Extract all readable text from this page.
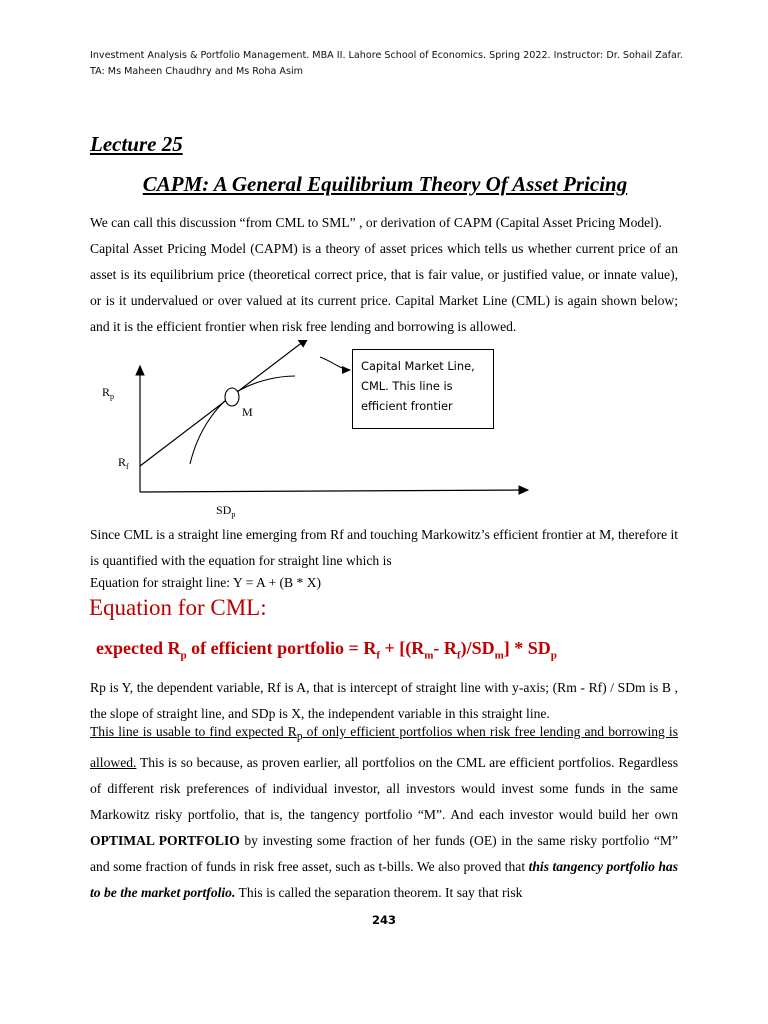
Investment Analysis & Portfolio Management. MBA II. Lahore School of Economics. Spring 2022. Instructor: Dr. Sohail Zafar.
TA: Ms Maheen Chaudhry and Ms Roha Asim
Lecture 25
CAPM: A General Equilibrium Theory Of Asset Pricing
We can call this discussion “from CML to SML” , or derivation of CAPM (Capital Asset Pricing Model).
Capital Asset Pricing Model (CAPM) is a theory of asset prices which tells us whether current price of an asset is its equilibrium price (theoretical correct price, that is fair value, or justified value, or innate value), or is it undervalued or over valued at its current price. Capital Market Line (CML) is again shown below; and it is the efficient frontier when risk free lending and borrowing is allowed.
$R_p$
$R_f$
M
$SD_p$
Capital Market Line, CML. This line is efficient frontier
Since CML is a straight line emerging from Rf and touching Markowitz’s efficient frontier at M, therefore it is quantified with the equation for straight line which is
Equation for straight line: Y = A + (B * X)
Equation for CML:
expected $R_p$ of efficient portfolio = $R_f + [(R_m-$ $R_f)/SD_m] * SD_p$
Rp is Y, the dependent variable, Rf is A, that is intercept of straight line with y-axis; (Rm - Rf) / SDm is B , the slope of straight line, and SDp is X, the independent variable in this straight line.
This line is usable to find expected $R_p$ of only efficient portfolios when risk free lending and borrowing is allowed. This is so because, as proven earlier, all portfolios on the CML are efficient portfolios. Regardless of different risk preferences of individual investor, all investors would invest some funds in the same Markowitz risky portfolio, that is, the tangency portfolio “M”. And each investor would build her own OPTIMAL PORTFOLIO by investing some fraction of her funds (OE) in the same risky portfolio “M” and some fraction of funds in risk free asset, such as t-bills. We also proved that this tangency portfolio has to be the market portfolio. This is called the separation theorem. It say that risk
243
